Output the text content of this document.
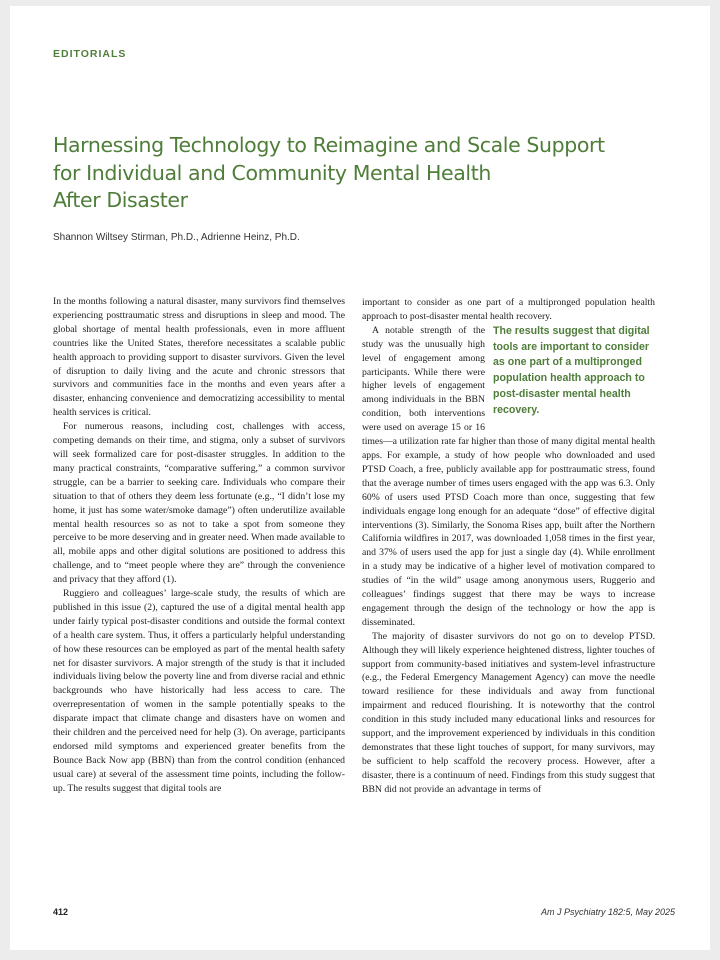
EDITORIALS
Harnessing Technology to Reimagine and Scale Support
for Individual and Community Mental Health
After Disaster
Shannon Wiltsey Stirman, Ph.D., Adrienne Heinz, Ph.D.

In the months following a natural disaster, many survivors find themselves experiencing posttraumatic stress and disruptions in sleep and mood. The global shortage of mental health professionals, even in more affluent countries like the United States, therefore necessitates a scalable public health approach to providing support to disaster survivors. Given the level of disruption to daily living and the acute and chronic stressors that survivors and communities face in the months and even years after a disaster, enhancing convenience and democratizing accessibility to mental health services is critical.

For numerous reasons, including cost, challenges with access, competing demands on their time, and stigma, only a subset of survivors will seek formalized care for post-disaster struggles. In addition to the many practical constraints, “comparative suffering,” a common survivor struggle, can be a barrier to seeking care. Individuals who compare their situation to that of others they deem less fortunate (e.g., “I didn’t lose my home, it just has some water/smoke damage”) often underutilize available mental health resources so as not to take a spot from someone they perceive to be more deserving and in greater need. When made available to all, mobile apps and other digital solutions are positioned to address this challenge, and to “meet people where they are” through the convenience and privacy that they afford (1).

Ruggiero and colleagues’ large-scale study, the results of which are published in this issue (2), captured the use of a digital mental health app under fairly typical post-disaster conditions and outside the formal context of a health care system. Thus, it offers a particularly helpful understanding of how these resources can be employed as part of the mental health safety net for disaster survivors. A major strength of the study is that it included individuals living below the poverty line and from diverse racial and ethnic backgrounds who have historically had less access to care. The overrepresentation of women in the sample potentially speaks to the disparate impact that climate change and disasters have on women and their children and the perceived need for help (3). On average, participants endorsed mild symptoms and experienced greater benefits from the Bounce Back Now app (BBN) than from the control condition (enhanced usual care) at several of the assessment time points, including the follow-up. The results suggest that digital tools are

important to consider as one part of a multipronged population health approach to post-disaster mental health recovery.

The results suggest that digital tools are important to consider as one part of a multipronged population health approach to post-disaster mental health recovery.
A notable strength of the study was the unusually high level of engagement among participants. While there were higher levels of engagement among individuals in the BBN condition, both interventions were used on average 15 or 16 times—a utilization rate far higher than those of many digital mental health apps. For example, a study of how people who downloaded and used PTSD Coach, a free, publicly available app for posttraumatic stress, found that the average number of times users engaged with the app was 6.3. Only 60% of users used PTSD Coach more than once, suggesting that few individuals engage long enough for an adequate “dose” of effective digital interventions (3). Similarly, the Sonoma Rises app, built after the Northern California wildfires in 2017, was downloaded 1,058 times in the first year, and 37% of users used the app for just a single day (4). While enrollment in a study may be indicative of a higher level of motivation compared to studies of “in the wild” usage among anonymous users, Ruggerio and colleagues’ findings suggest that there may be ways to increase engagement through the design of the technology or how the app is disseminated.

The majority of disaster survivors do not go on to develop PTSD. Although they will likely experience heightened distress, lighter touches of support from community-based initiatives and system-level infrastructure (e.g., the Federal Emergency Management Agency) can move the needle toward resilience for these individuals and away from functional impairment and reduced flourishing. It is noteworthy that the control condition in this study included many educational links and resources for support, and the improvement experienced by individuals in this condition demonstrates that these light touches of support, for many survivors, may be sufficient to help scaffold the recovery process. However, after a disaster, there is a continuum of need. Findings from this study suggest that BBN did not provide an advantage in terms of

412	Am J Psychiatry 182:5, May 2025
